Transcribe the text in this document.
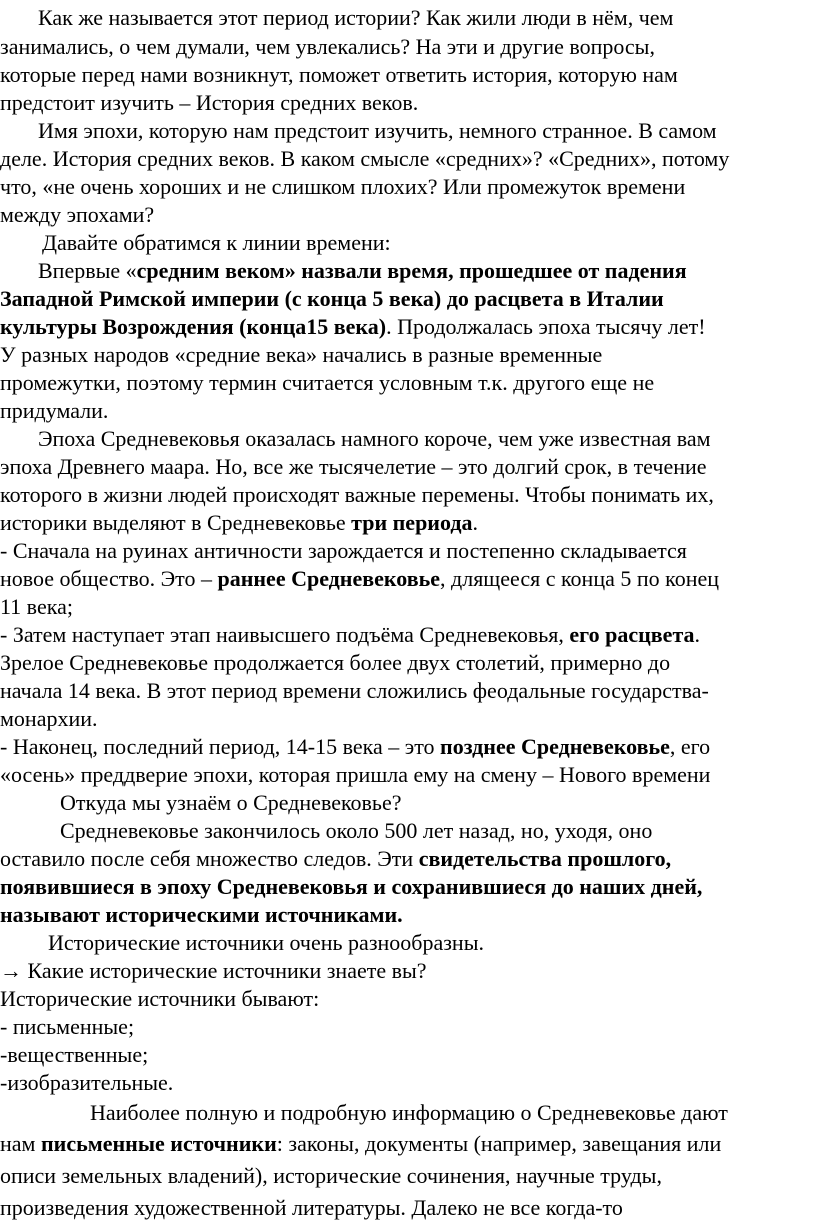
Как же называется этот период истории? Как жили люди в нём, чем
занимались, о чем думали, чем увлекались? На эти и другие вопросы,
которые перед нами возникнут, поможет ответить история, которую нам
предстоит изучить – История средних веков.
Имя эпохи, которую нам предстоит изучить, немного странное. В самом
деле. История средних веков. В каком смысле «средних»? «Средних», потому
что, «не очень хороших и не слишком плохих? Или промежуток времени
между эпохами?
Давайте обратимся к линии времени:
Впервые «средним веком» назвали время, прошедшее от падения
Западной Римской империи (с конца 5 века) до расцвета в Италии
культуры Возрождения (конца15 века). Продолжалась эпоха тысячу лет!
У разных народов «средние века» начались в разные временные
промежутки, поэтому термин считается условным т.к. другого еще не
придумали.
Эпоха Средневековья оказалась намного короче, чем уже известная вам
эпоха Древнего маара. Но, все же тысячелетие – это долгий срок, в течение
которого в жизни людей происходят важные перемены. Чтобы понимать их,
историки выделяют в Средневековье три периода.
- Сначала на руинах античности зарождается и постепенно складывается
новое общество. Это – раннее Средневековье, длящееся с конца 5 по конец
11 века;
- Затем наступает этап наивысшего подъёма Средневековья, его расцвета.
Зрелое Средневековье продолжается более двух столетий, примерно до
начала 14 века. В этот период времени сложились феодальные государства-
монархии.
- Наконец, последний период, 14-15 века – это позднее Средневековье, его
«осень» преддверие эпохи, которая пришла ему на смену – Нового времени
Откуда мы узнаём о Средневековье?
Средневековье закончилось около 500 лет назад, но, уходя, оно
оставило после себя множество следов. Эти свидетельства прошлого,
появившиеся в эпоху Средневековья и сохранившиеся до наших дней,
называют историческими источниками.
Исторические источники очень разнообразны.
→ Какие исторические источники знаете вы?
Исторические источники бывают:
- письменные;
-вещественные;
-изобразительные.
Наиболее полную и подробную информацию о Средневековье дают
нам письменные источники: законы, документы (например, завещания или
описи земельных владений), исторические сочинения, научные труды,
произведения художественной литературы. Далеко не все когда-то
